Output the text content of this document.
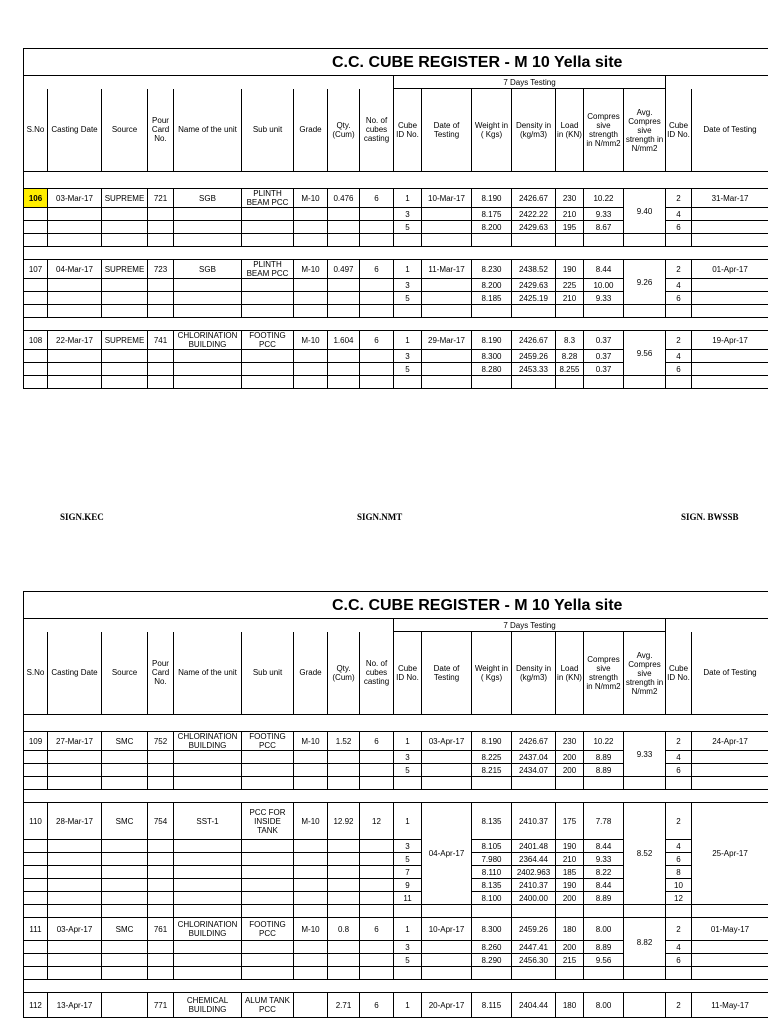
C.C. CUBE REGISTER - M 10 Yella site																	
									7 Days Testing								
S.No	Casting Date	Source	Pour Card No.	Name of the unit	Sub unit	Grade	Qty. (Cum)	No. of cubes casting	Cube ID No.	Date of Testing	Weight in ( Kgs)	Density in (kg/m3)	Load in (KN)	Compres sive strength in N/mm2	Avg. Compres sive strength in N/mm2	Cube ID No.	Date of Testing

106	03-Mar-17	SUPREME	721	SGB	PLINTH BEAM PCC	M-10	0.476	6	1	10-Mar-17	8.190	2426.67	230	10.22	9.40	2	31-Mar-17
									3		8.175	2422.22	210	9.33		4	
									5		8.200	2429.63	195	8.67		6	

107	04-Mar-17	SUPREME	723	SGB	PLINTH BEAM PCC	M-10	0.497	6	1	11-Mar-17	8.230	2438.52	190	8.44	9.26	2	01-Apr-17
									3		8.200	2429.63	225	10.00		4	
									5		8.185	2425.19	210	9.33		6	

108	22-Mar-17	SUPREME	741	CHLORINATION BUILDING	FOOTING PCC	M-10	1.604	6	1	29-Mar-17	8.190	2426.67	8.3	0.37	9.56	2	19-Apr-17
									3		8.300	2459.26	8.28	0.37		4	
									5		8.280	2453.33	8.255	0.37		6	

SIGN.KEC	SIGN.NMT	SIGN. BWSSB
C.C. CUBE REGISTER - M 10 Yella site																	
									7 Days Testing								
S.No	Casting Date	Source	Pour Card No.	Name of the unit	Sub unit	Grade	Qty. (Cum)	No. of cubes casting	Cube ID No.	Date of Testing	Weight in ( Kgs)	Density in (kg/m3)	Load in (KN)	Compres sive strength in N/mm2	Avg. Compres sive strength in N/mm2	Cube ID No.	Date of Testing

109	27-Mar-17	SMC	752	CHLORINATION BUILDING	FOOTING PCC	M-10	1.52	6	1	03-Apr-17	8.190	2426.67	230	10.22	9.33	2	24-Apr-17
									3		8.225	2437.04	200	8.89		4	
									5		8.215	2434.07	200	8.89		6	

110	28-Mar-17	SMC	754	SST-1	PCC FOR INSIDE TANK	M-10	12.92	12	1	04-Apr-17	8.135	2410.37	175	7.78	8.52	2	25-Apr-17
									3		8.105	2401.48	190	8.44		4	
									5		7.980	2364.44	210	9.33		6	
									7		8.110	2402.963	185	8.22		8	
									9		8.135	2410.37	190	8.44		10	
									11		8.100	2400.00	200	8.89		12	

111	03-Apr-17	SMC	761	CHLORINATION BUILDING	FOOTING PCC	M-10	0.8	6	1	10-Apr-17	8.300	2459.26	180	8.00	8.82	2	01-May-17
									3		8.260	2447.41	200	8.89		4	
									5		8.290	2456.30	215	9.56		6	

112	13-Apr-17		771	CHEMICAL BUILDING	ALUM TANK PCC		2.71	6	1	20-Apr-17	8.115	2404.44	180	8.00		2	11-May-17
